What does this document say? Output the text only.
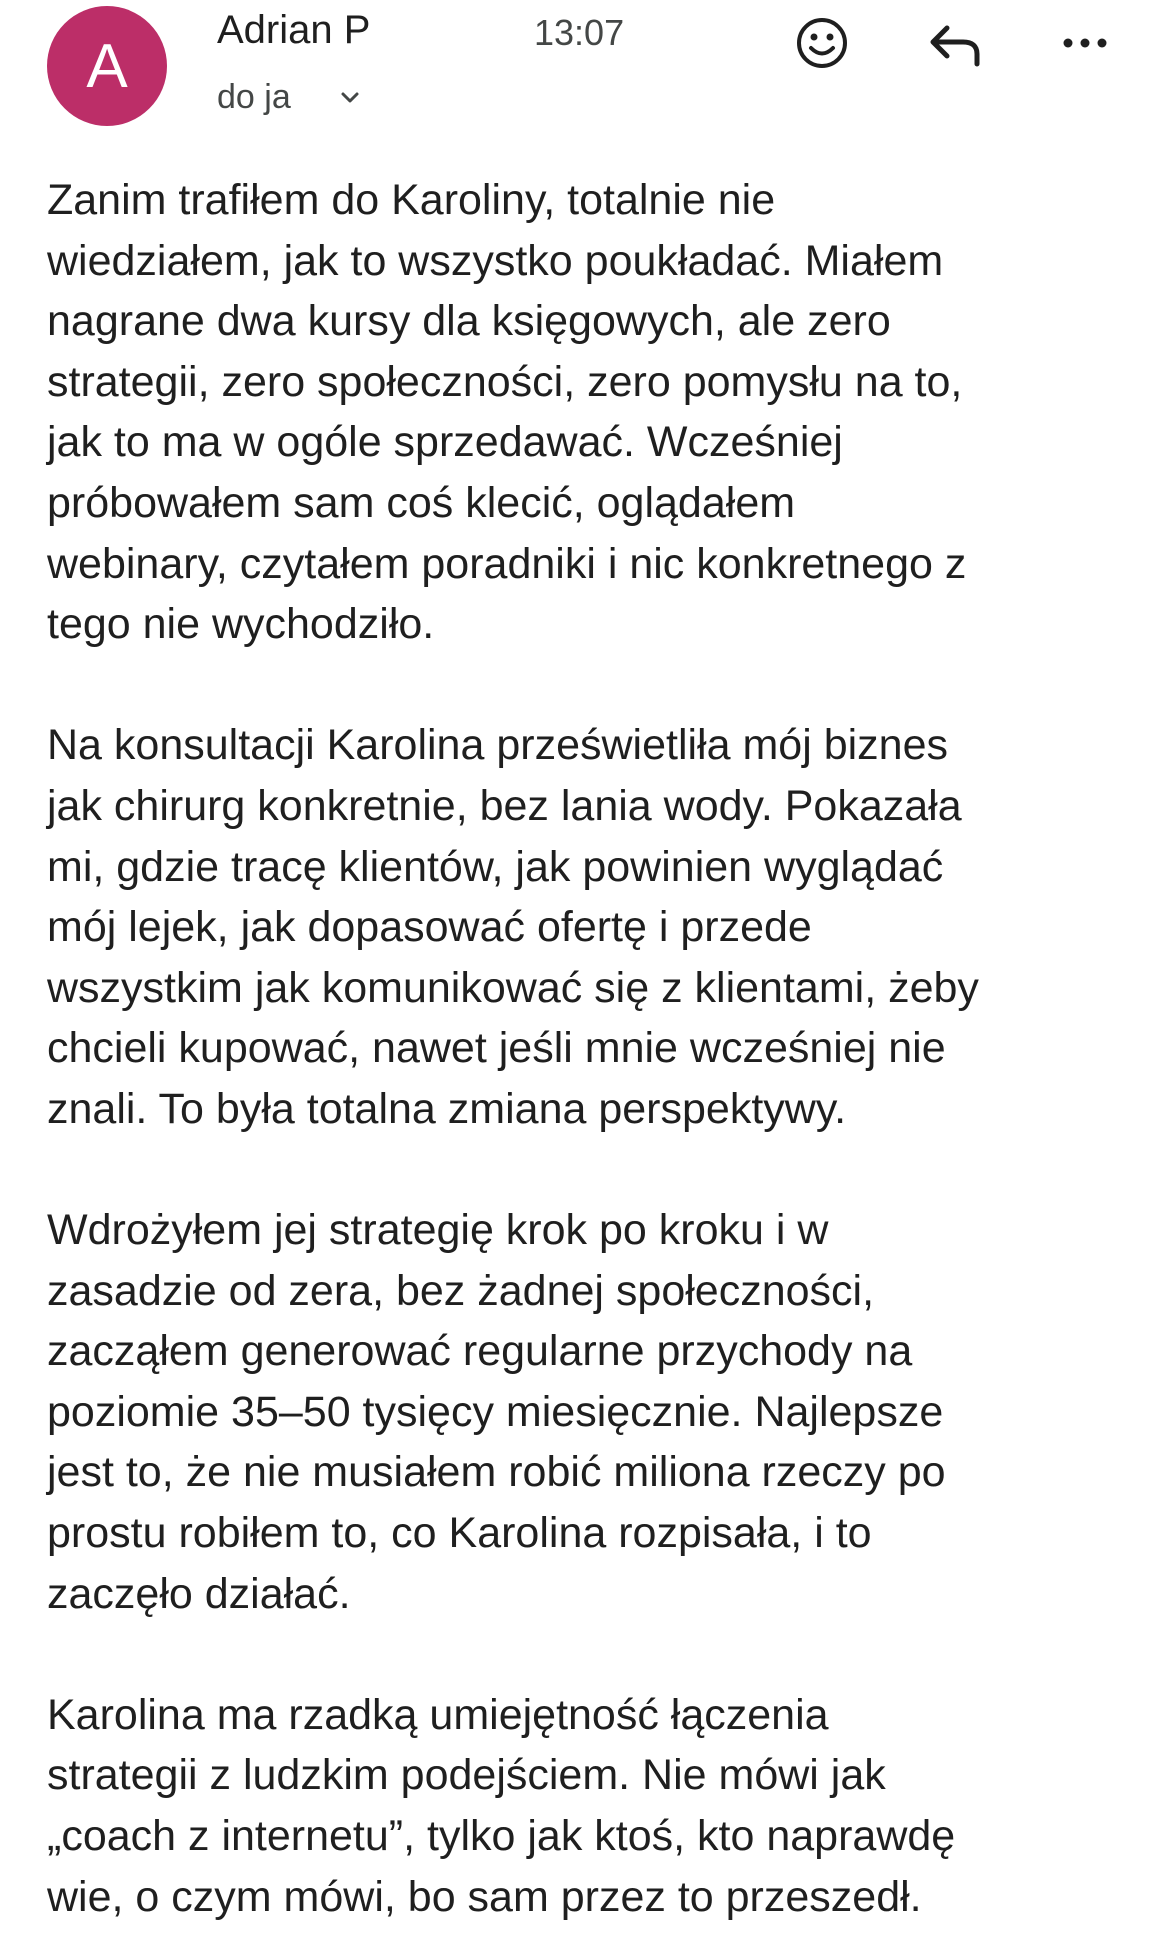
A
Adrian P	13:07
do ja

Zanim trafiłem do Karoliny, totalnie nie
wiedziałem, jak to wszystko poukładać. Miałem
nagrane dwa kursy dla księgowych, ale zero
strategii, zero społeczności, zero pomysłu na to,
jak to ma w ogóle sprzedawać. Wcześniej
próbowałem sam coś klecić, oglądałem
webinary, czytałem poradniki i nic konkretnego z
tego nie wychodziło.

Na konsultacji Karolina prześwietliła mój biznes
jak chirurg konkretnie, bez lania wody. Pokazała
mi, gdzie tracę klientów, jak powinien wyglądać
mój lejek, jak dopasować ofertę i przede
wszystkim jak komunikować się z klientami, żeby
chcieli kupować, nawet jeśli mnie wcześniej nie
znali. To była totalna zmiana perspektywy.

Wdrożyłem jej strategię krok po kroku i w
zasadzie od zera, bez żadnej społeczności,
zacząłem generować regularne przychody na
poziomie 35–50 tysięcy miesięcznie. Najlepsze
jest to, że nie musiałem robić miliona rzeczy po
prostu robiłem to, co Karolina rozpisała, i to
zaczęło działać.

Karolina ma rzadką umiejętność łączenia
strategii z ludzkim podejściem. Nie mówi jak
„coach z internetu”, tylko jak ktoś, kto naprawdę
wie, o czym mówi, bo sam przez to przeszedł.
